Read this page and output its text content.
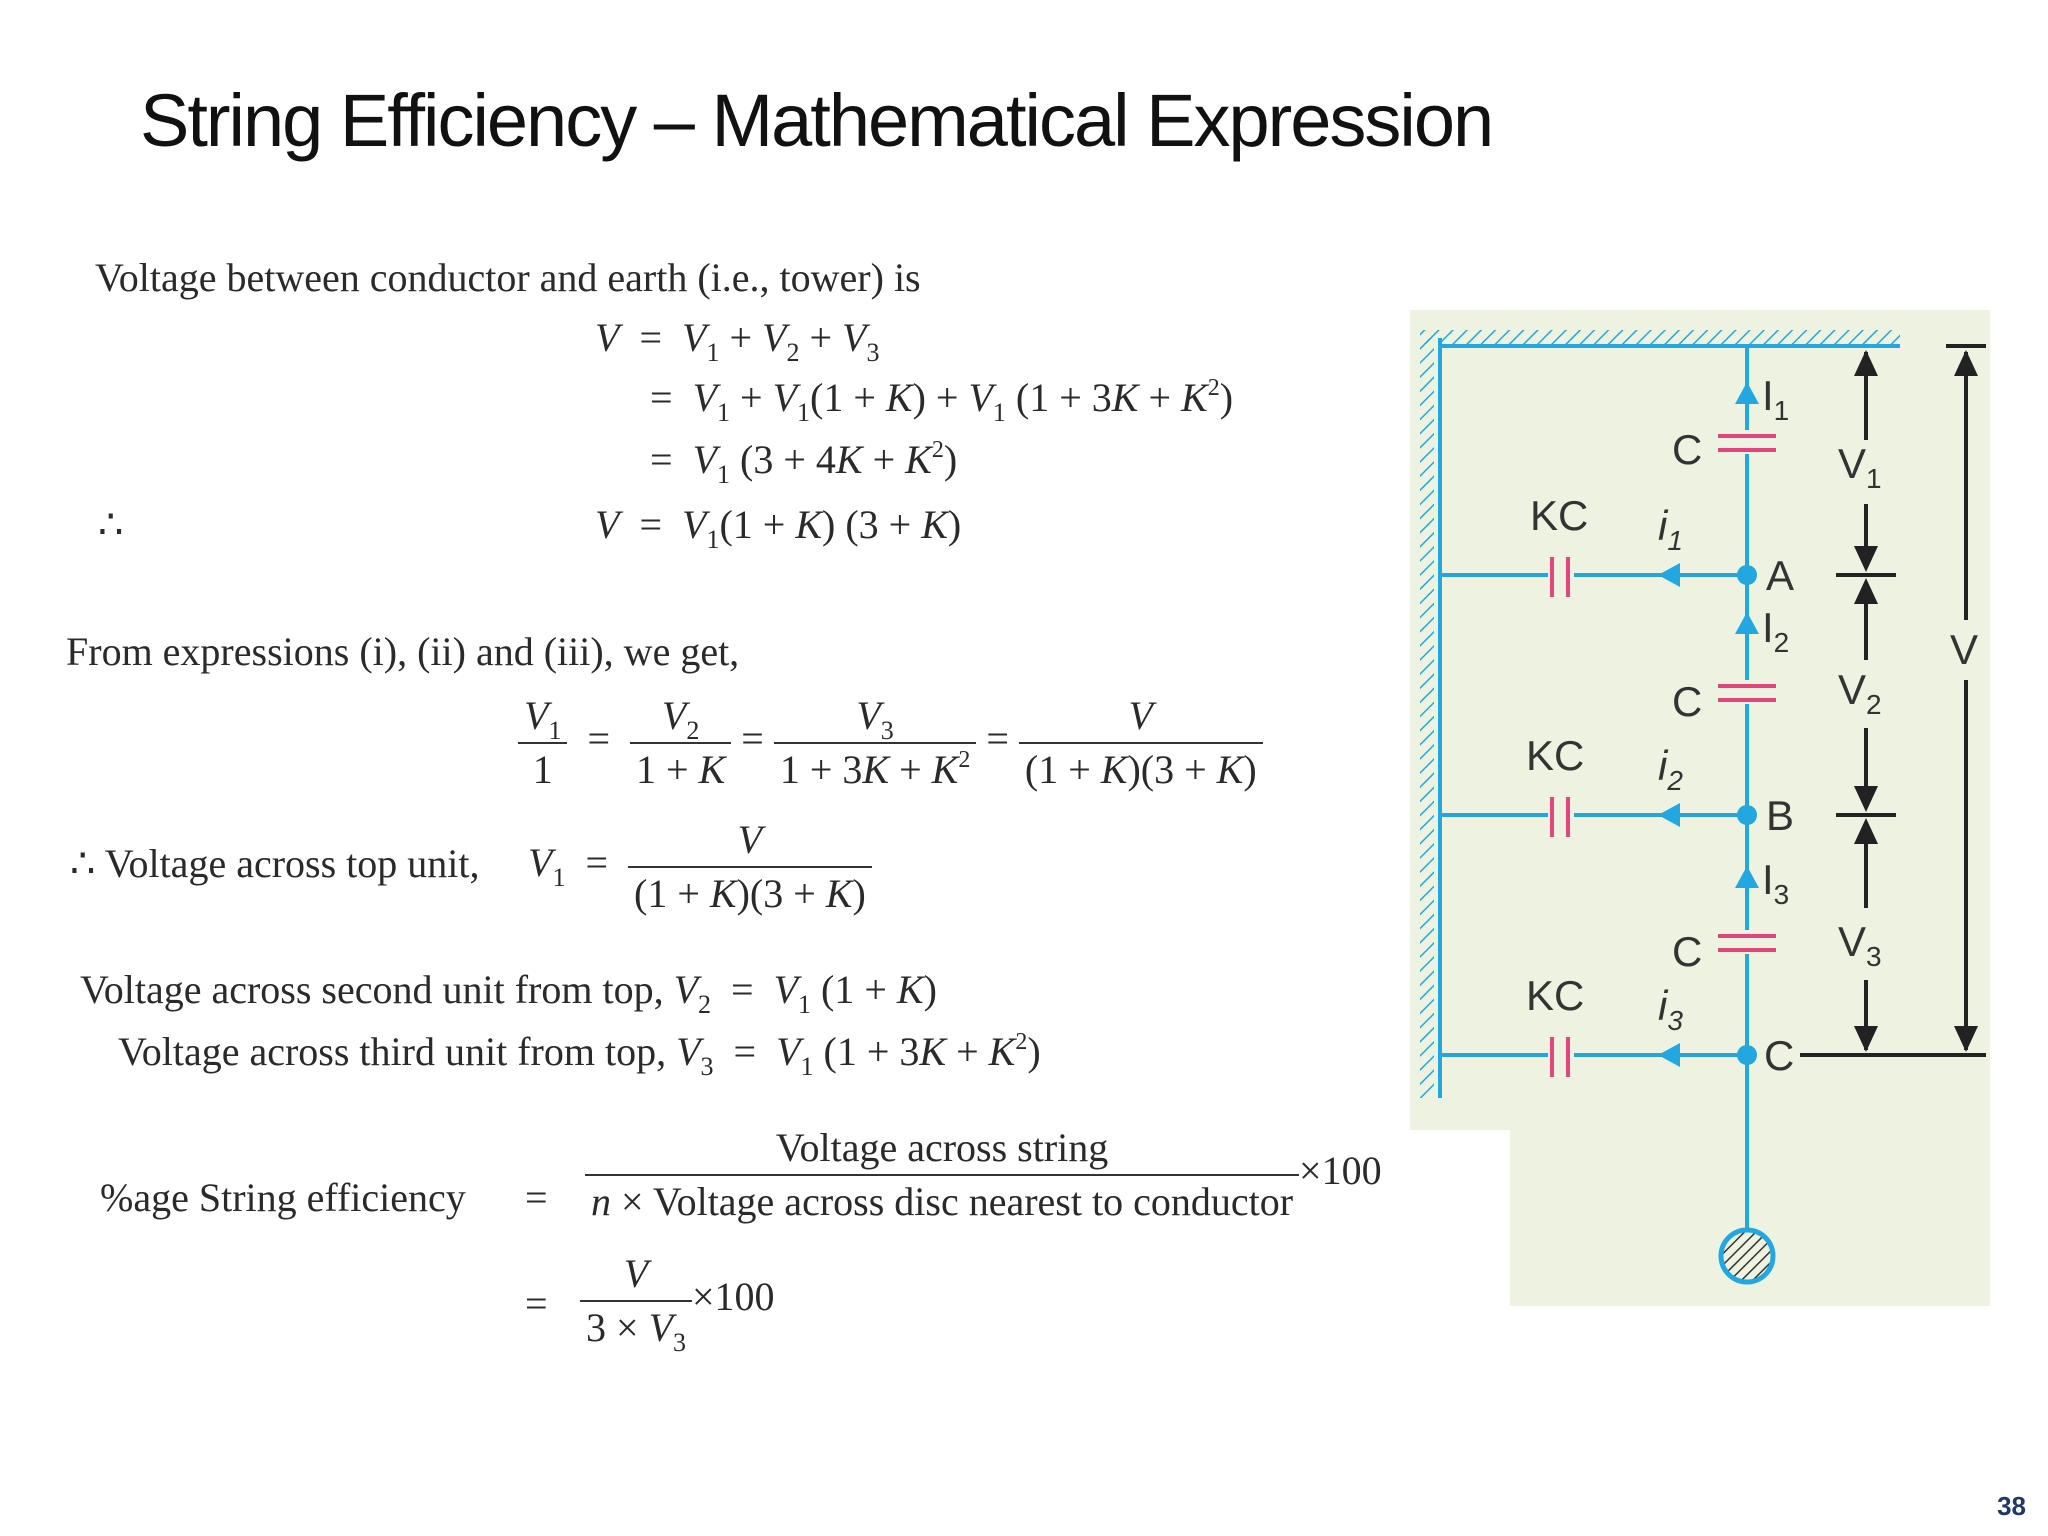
String Efficiency – Mathematical Expression
Voltage between conductor and earth (i.e., tower) is
$V = V_1 + V_2 + V_3$
=  $V_1 + V_1(1 + K) + V_1$ $(1 + 3K + K^2)$
=  $V_1$ $(3 + 4K + K^2)$
∴	$V = V_1(1 + K) (3 + K)$
From expressions (i), (ii) and (iii), we get,
$\frac{V_1}{1} = \frac{V_2}{1 + K} = \frac{V_3}{1 + 3K + K^2} = \frac{V}{(1 + K)(3 + K)}$
∴ Voltage across top unit, $V_1 = \frac{V}{(1 + K)(3 + K)}$
Voltage across second unit from top, $V_2 = V_1$ (1 + K)
Voltage across third unit from top, $V_3 = V_1$ $(1 + 3K + K^2)$
%age String efficiency = $\frac{\text{Voltage across string}}{\text{n × Voltage across disc nearest to conductor}} \times 100$
= $\frac{V}{3 \times V_3} \times 100$
C
C
C
KC
KC
KC
$i_1$
$i_2$
$i_3$
$I_1$
$I_2$
$I_3$
A
B
C
$V_1$
$V_2$
$V_3$
V
38
